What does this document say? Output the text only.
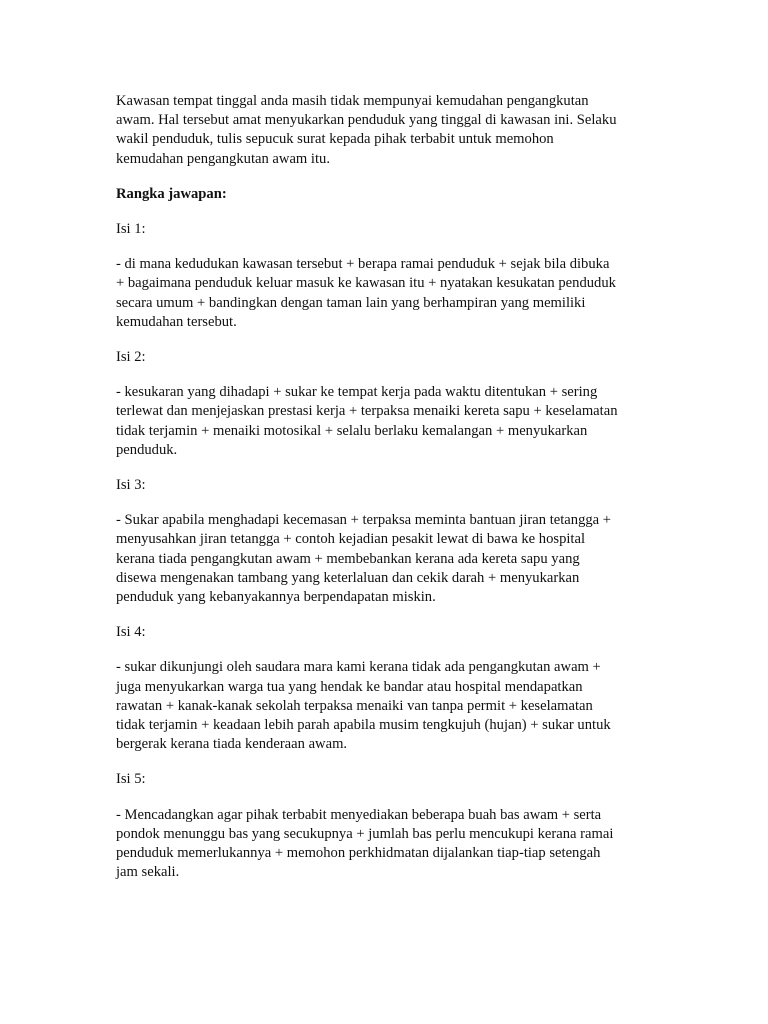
Kawasan tempat tinggal anda masih tidak mempunyai kemudahan pengangkutan
awam. Hal tersebut amat menyukarkan penduduk yang tinggal di kawasan ini. Selaku
wakil penduduk, tulis sepucuk surat kepada pihak terbabit untuk memohon
kemudahan pengangkutan awam itu.

Rangka jawapan:

Isi 1:

- di mana kedudukan kawasan tersebut + berapa ramai penduduk + sejak bila dibuka
+ bagaimana penduduk keluar masuk ke kawasan itu + nyatakan kesukatan penduduk
secara umum + bandingkan dengan taman lain yang berhampiran yang memiliki
kemudahan tersebut.

Isi 2:

- kesukaran yang dihadapi + sukar ke tempat kerja pada waktu ditentukan + sering
terlewat dan menjejaskan prestasi kerja + terpaksa menaiki kereta sapu + keselamatan
tidak terjamin + menaiki motosikal + selalu berlaku kemalangan + menyukarkan
penduduk.

Isi 3:

- Sukar apabila menghadapi kecemasan + terpaksa meminta bantuan jiran tetangga +
menyusahkan jiran tetangga + contoh kejadian pesakit lewat di bawa ke hospital
kerana tiada pengangkutan awam + membebankan kerana ada kereta sapu yang
disewa mengenakan tambang yang keterlaluan dan cekik darah + menyukarkan
penduduk yang kebanyakannya berpendapatan miskin.

Isi 4:

- sukar dikunjungi oleh saudara mara kami kerana tidak ada pengangkutan awam +
juga menyukarkan warga tua yang hendak ke bandar atau hospital mendapatkan
rawatan + kanak-kanak sekolah terpaksa menaiki van tanpa permit + keselamatan
tidak terjamin + keadaan lebih parah apabila musim tengkujuh (hujan) + sukar untuk
bergerak kerana tiada kenderaan awam.

Isi 5:

- Mencadangkan agar pihak terbabit menyediakan beberapa buah bas awam + serta
pondok menunggu bas yang secukupnya + jumlah bas perlu mencukupi kerana ramai
penduduk memerlukannya + memohon perkhidmatan dijalankan tiap-tiap setengah
jam sekali.
